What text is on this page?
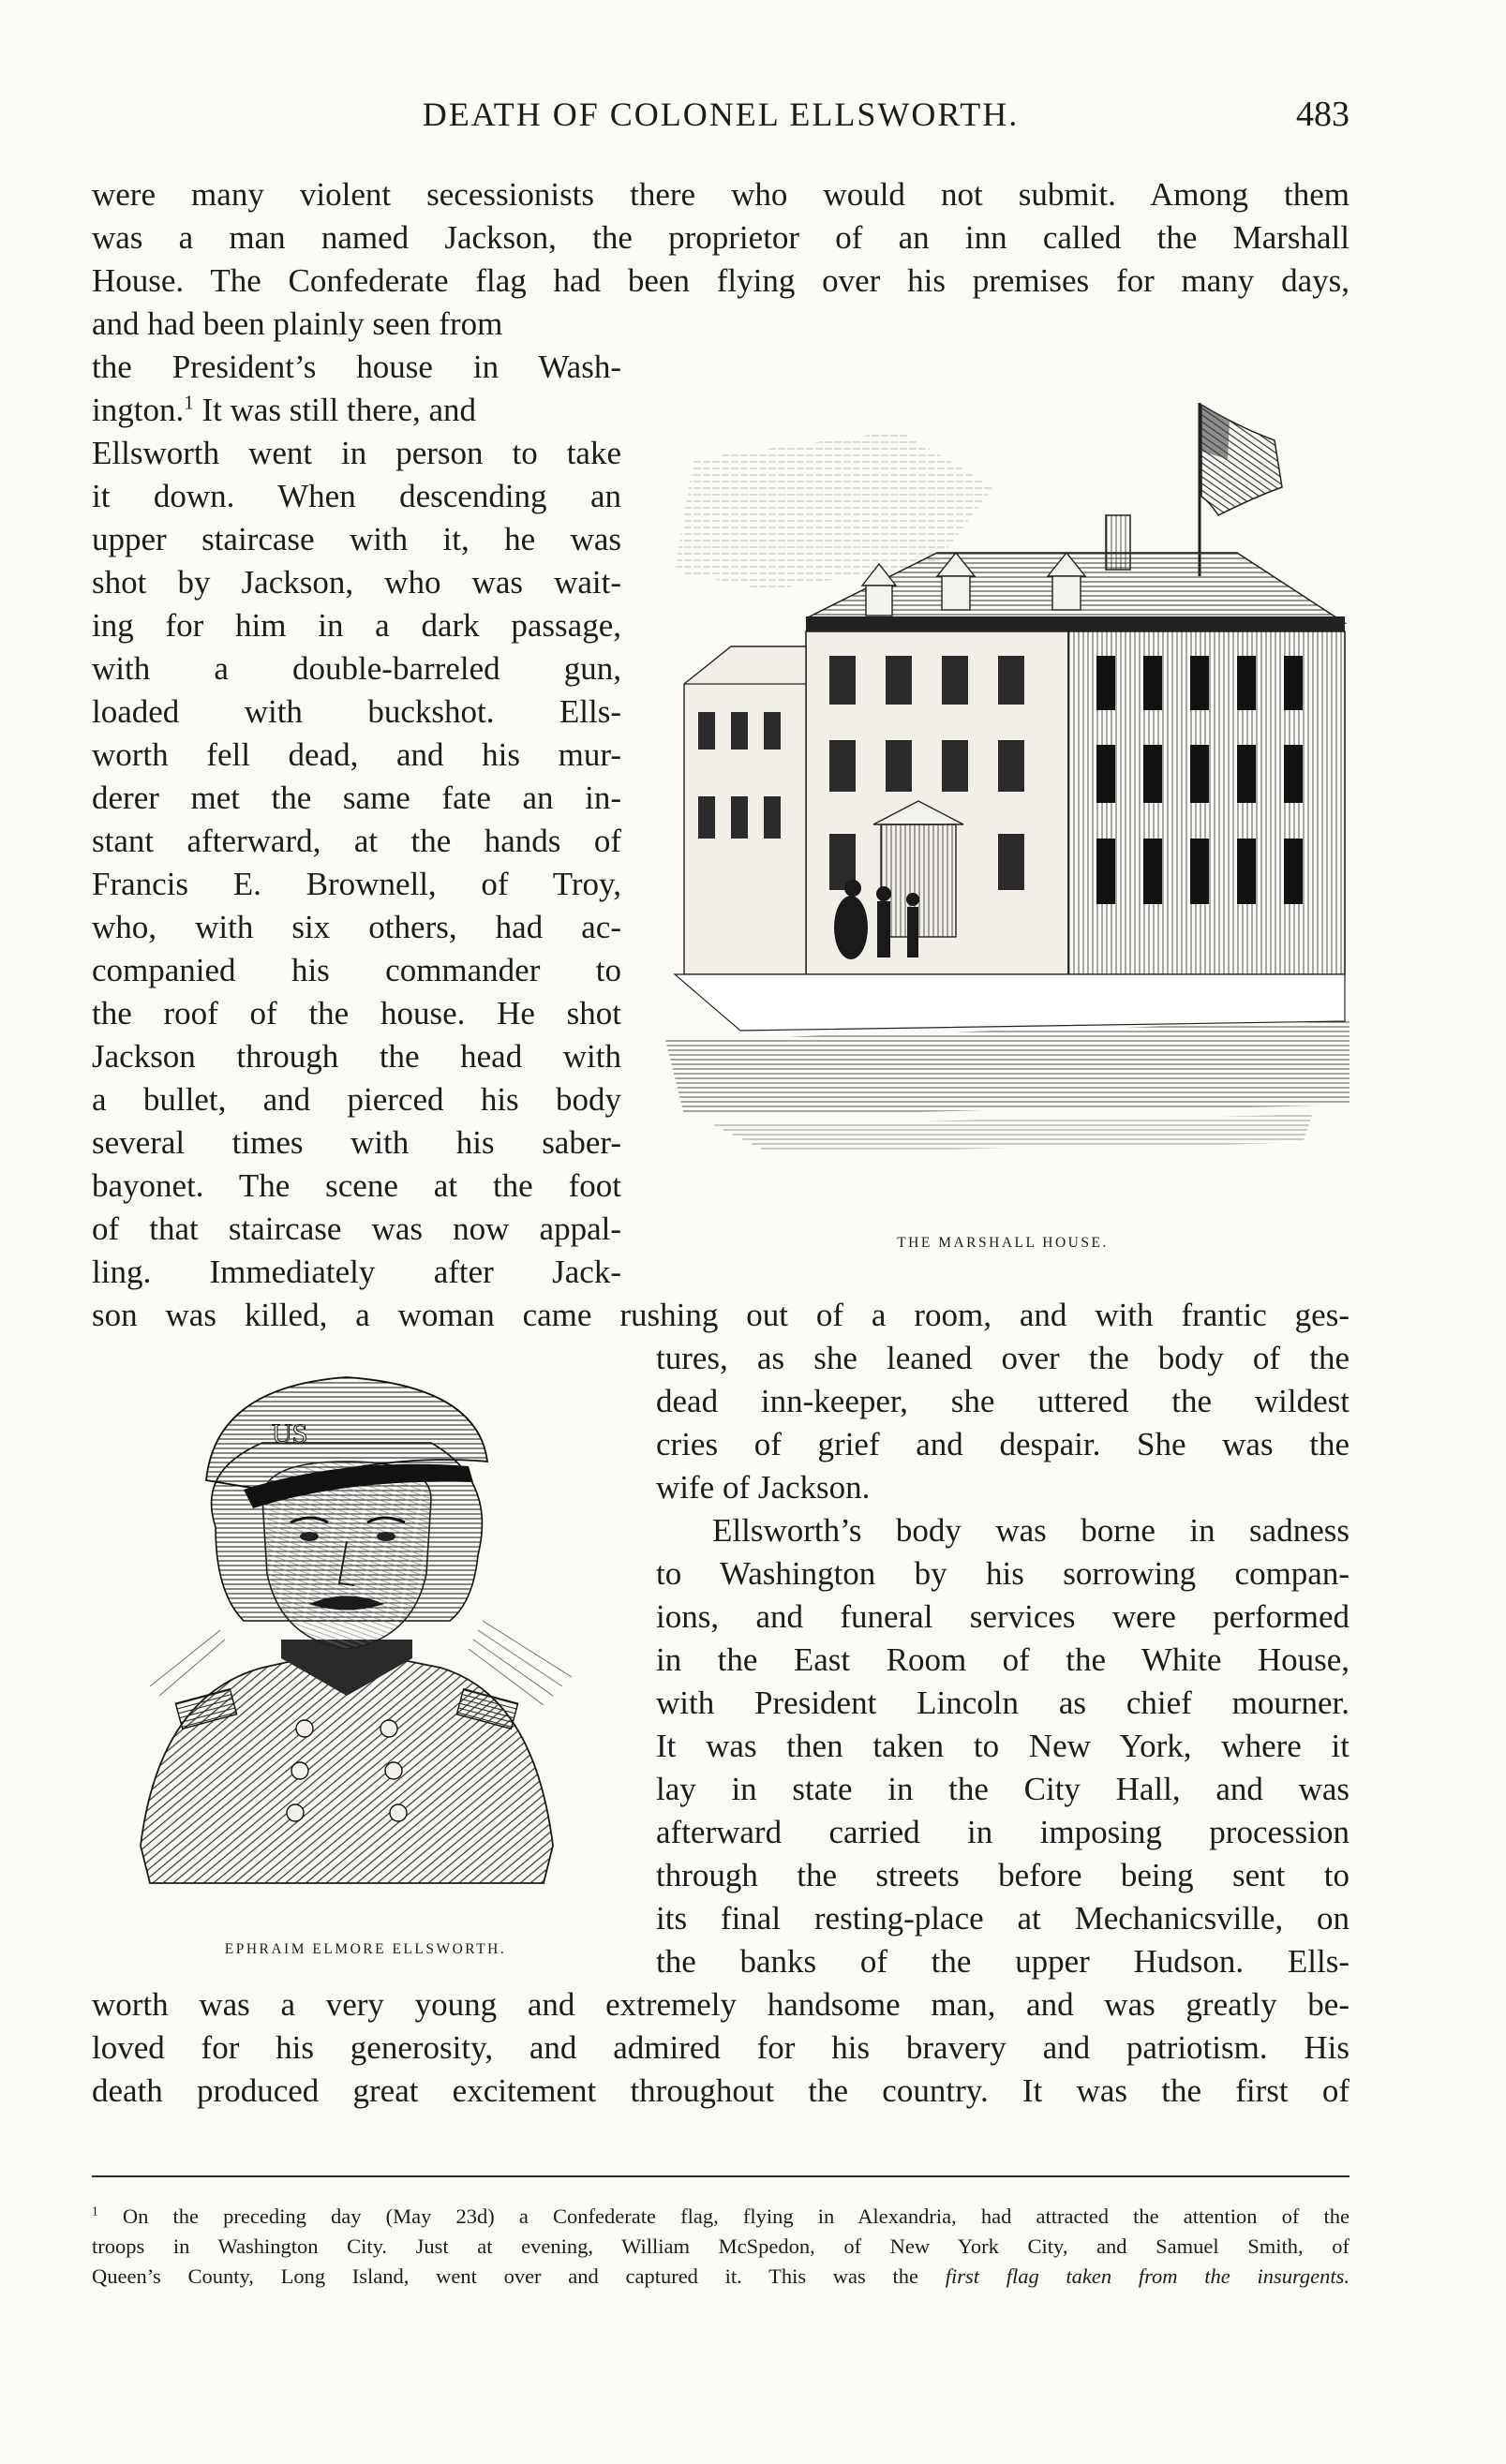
DEATH OF COLONEL ELLSWORTH.	483
were many violent secessionists there who would not submit. Among them
was a man named Jackson, the proprietor of an inn called the Marshall
House. The Confederate flag had been flying over his premises for many days,
and had been plainly seen from
the President’s house in Wash-
ington.$^1$ It was still there, and
Ellsworth went in person to take
it down. When descending an
upper staircase with it, he was
shot by Jackson, who was wait-
ing for him in a dark passage,
with a double-barreled gun,
loaded with buckshot. Ells-
worth fell dead, and his mur-
derer met the same fate an in-
stant afterward, at the hands of
Francis E. Brownell, of Troy,
who, with six others, had ac-
companied his commander to
the roof of the house. He shot
Jackson through the head with
a bullet, and pierced his body
several times with his saber-
bayonet. The scene at the foot
of that staircase was now appal-
ling. Immediately after Jack-
son was killed, a woman came rushing out of a room, and with frantic ges-
tures, as she leaned over the body of the
dead inn-keeper, she uttered the wildest
cries of grief and despair. She was the
wife of Jackson.
Ellsworth’s body was borne in sadness
to Washington by his sorrowing compan-
ions, and funeral services were performed
in the East Room of the White House,
with President Lincoln as chief mourner.
It was then taken to New York, where it
lay in state in the City Hall, and was
afterward carried in imposing procession
through the streets before being sent to
its final resting-place at Mechanicsville, on
the banks of the upper Hudson. Ells-
worth was a very young and extremely handsome man, and was greatly be-
loved for his generosity, and admired for his bravery and patriotism. His
death produced great excitement throughout the country. It was the first of
THE MARSHALL HOUSE.
US
EPHRAIM ELMORE ELLSWORTH.
$^1$ On the preceding day (May 23d) a Confederate flag, flying in Alexandria, had attracted the attention of the
troops in Washington City. Just at evening, William McSpedon, of New York City, and Samuel Smith, of
Queen’s County, Long Island, went over and captured it. This was the first flag taken from the insurgents.
